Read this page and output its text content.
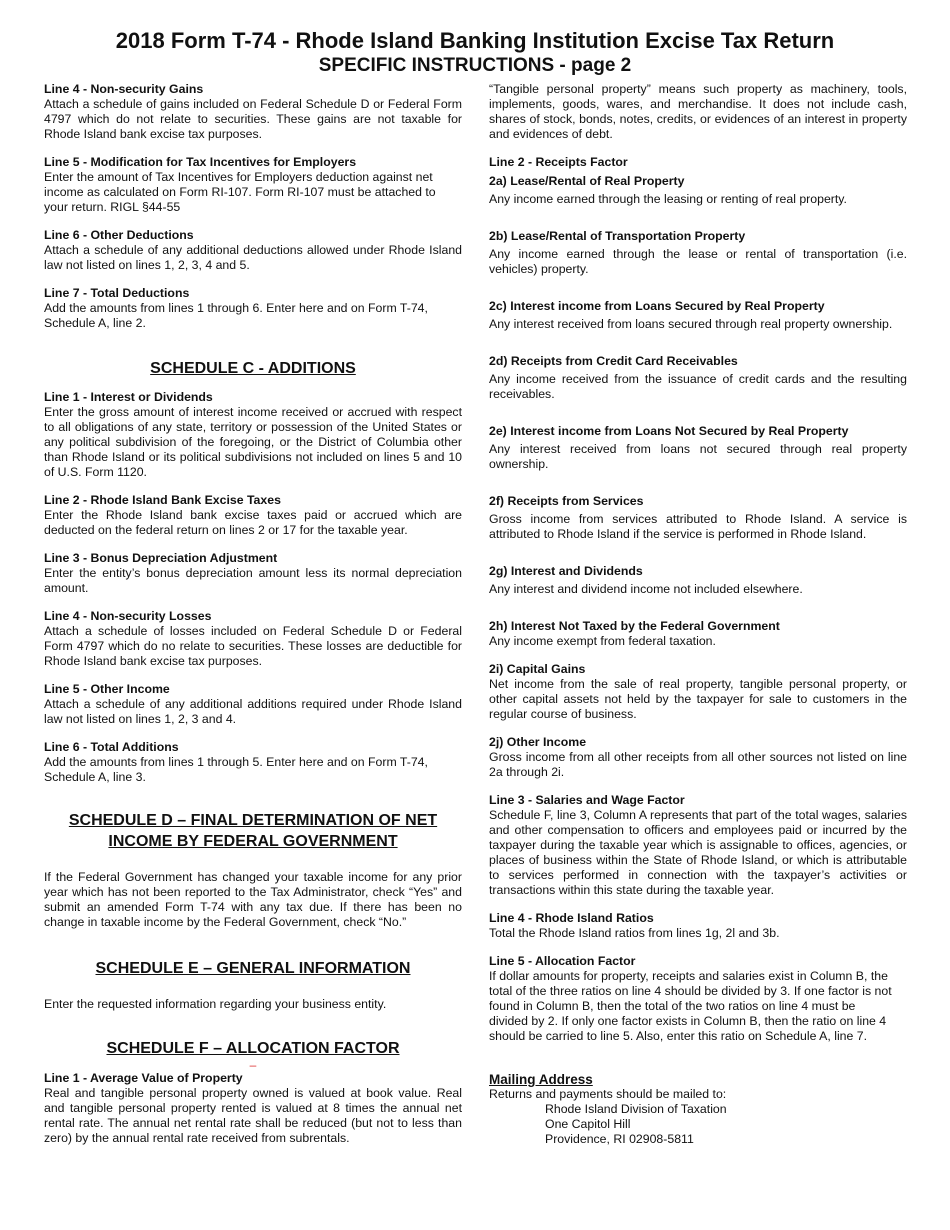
2018 Form T-74 - Rhode Island Banking Institution Excise Tax Return
SPECIFIC INSTRUCTIONS - page 2

Line 4 - Non-security Gains

Attach a schedule of gains included on Federal Schedule D or Federal Form 4797 which do not relate to securities. These gains are not taxable for Rhode Island bank excise tax purposes.

Line 5 - Modification for Tax Incentives for Employers

Enter the amount of Tax Incentives for Employers deduction against net income as calculated on Form RI-107. Form RI-107 must be attached to your return. RIGL §44-55

Line 6 - Other Deductions

Attach a schedule of any additional deductions allowed under Rhode Island law not listed on lines 1, 2, 3, 4 and 5.

Line 7 - Total Deductions

Add the amounts from lines 1 through 6. Enter here and on Form T-74, Schedule A, line 2.

SCHEDULE C - ADDITIONS

Line 1 - Interest or Dividends

Enter the gross amount of interest income received or accrued with respect to all obligations of any state, territory or possession of the United States or any political subdivision of the foregoing, or the District of Columbia other than Rhode Island or its political subdivisions not included on lines 5 and 10 of U.S. Form 1120.

Line 2 - Rhode Island Bank Excise Taxes

Enter the Rhode Island bank excise taxes paid or accrued which are deducted on the federal return on lines 2 or 17 for the taxable year.

Line 3 - Bonus Depreciation Adjustment

Enter the entity’s bonus depreciation amount less its normal depreciation amount.

Line 4 - Non-security Losses

Attach a schedule of losses included on Federal Schedule D or Federal Form 4797 which do no relate to securities. These losses are deductible for Rhode Island bank excise tax purposes.

Line 5 - Other Income

Attach a schedule of any additional additions required under Rhode Island law not listed on lines 1, 2, 3 and 4.

Line 6 - Total Additions

Add the amounts from lines 1 through 5. Enter here and on Form T-74, Schedule A, line 3.

SCHEDULE D – FINAL DETERMINATION OF NET

INCOME BY FEDERAL GOVERNMENT

If the Federal Government has changed your taxable income for any prior year which has not been reported to the Tax Administrator, check “Yes” and submit an amended Form T-74 with any tax due. If there has been no change in taxable income by the Federal Government, check “No.”

SCHEDULE E – GENERAL INFORMATION

Enter the requested information regarding your business entity.

SCHEDULE F – ALLOCATION FACTOR

–

Line 1 - Average Value of Property

Real and tangible personal property owned is valued at book value. Real and tangible personal property rented is valued at 8 times the annual net rental rate. The annual net rental rate shall be reduced (but not to less than zero) by the annual rental rate received from subrentals.

“Tangible personal property” means such property as machinery, tools, implements, goods, wares, and merchandise. It does not include cash, shares of stock, bonds, notes, credits, or evidences of an interest in property and evidences of debt.

Line 2 - Receipts Factor

2a) Lease/Rental of Real Property

Any income earned through the leasing or renting of real property.

2b) Lease/Rental of Transportation Property

Any income earned through the lease or rental of transportation (i.e. vehicles) property.

2c) Interest income from Loans Secured by Real Property

Any interest received from loans secured through real property ownership.

2d) Receipts from Credit Card Receivables

Any income received from the issuance of credit cards and the resulting receivables.

2e) Interest income from Loans Not Secured by Real Property

Any interest received from loans not secured through real property ownership.

2f) Receipts from Services

Gross income from services attributed to Rhode Island. A service is attributed to Rhode Island if the service is performed in Rhode Island.

2g) Interest and Dividends

Any interest and dividend income not included elsewhere.

2h) Interest Not Taxed by the Federal Government

Any income exempt from federal taxation.

2i) Capital Gains

Net income from the sale of real property, tangible personal property, or other capital assets not held by the taxpayer for sale to customers in the regular course of business.

2j) Other Income

Gross income from all other receipts from all other sources not listed on line 2a through 2i.

Line 3 - Salaries and Wage Factor

Schedule F, line 3, Column A represents that part of the total wages, salaries and other compensation to officers and employees paid or incurred by the taxpayer during the taxable year which is assignable to offices, agencies, or places of business within the State of Rhode Island, or which is attributable to services performed in connection with the taxpayer’s activities or transactions within this state during the taxable year.

Line 4 - Rhode Island Ratios

Total the Rhode Island ratios from lines 1g, 2l and 3b.

Line 5 - Allocation Factor

If dollar amounts for property, receipts and salaries exist in Column B, the
total of the three ratios on line 4 should be divided by 3. If one factor is not
found in Column B, then the total of the two ratios on line 4 must be
divided by 2. If only one factor exists in Column B, then the ratio on line 4
should be carried to line 5. Also, enter this ratio on Schedule A, line 7.

Mailing Address

Returns and payments should be mailed to:

Rhode Island Division of Taxation

One Capitol Hill

Providence, RI 02908-5811
